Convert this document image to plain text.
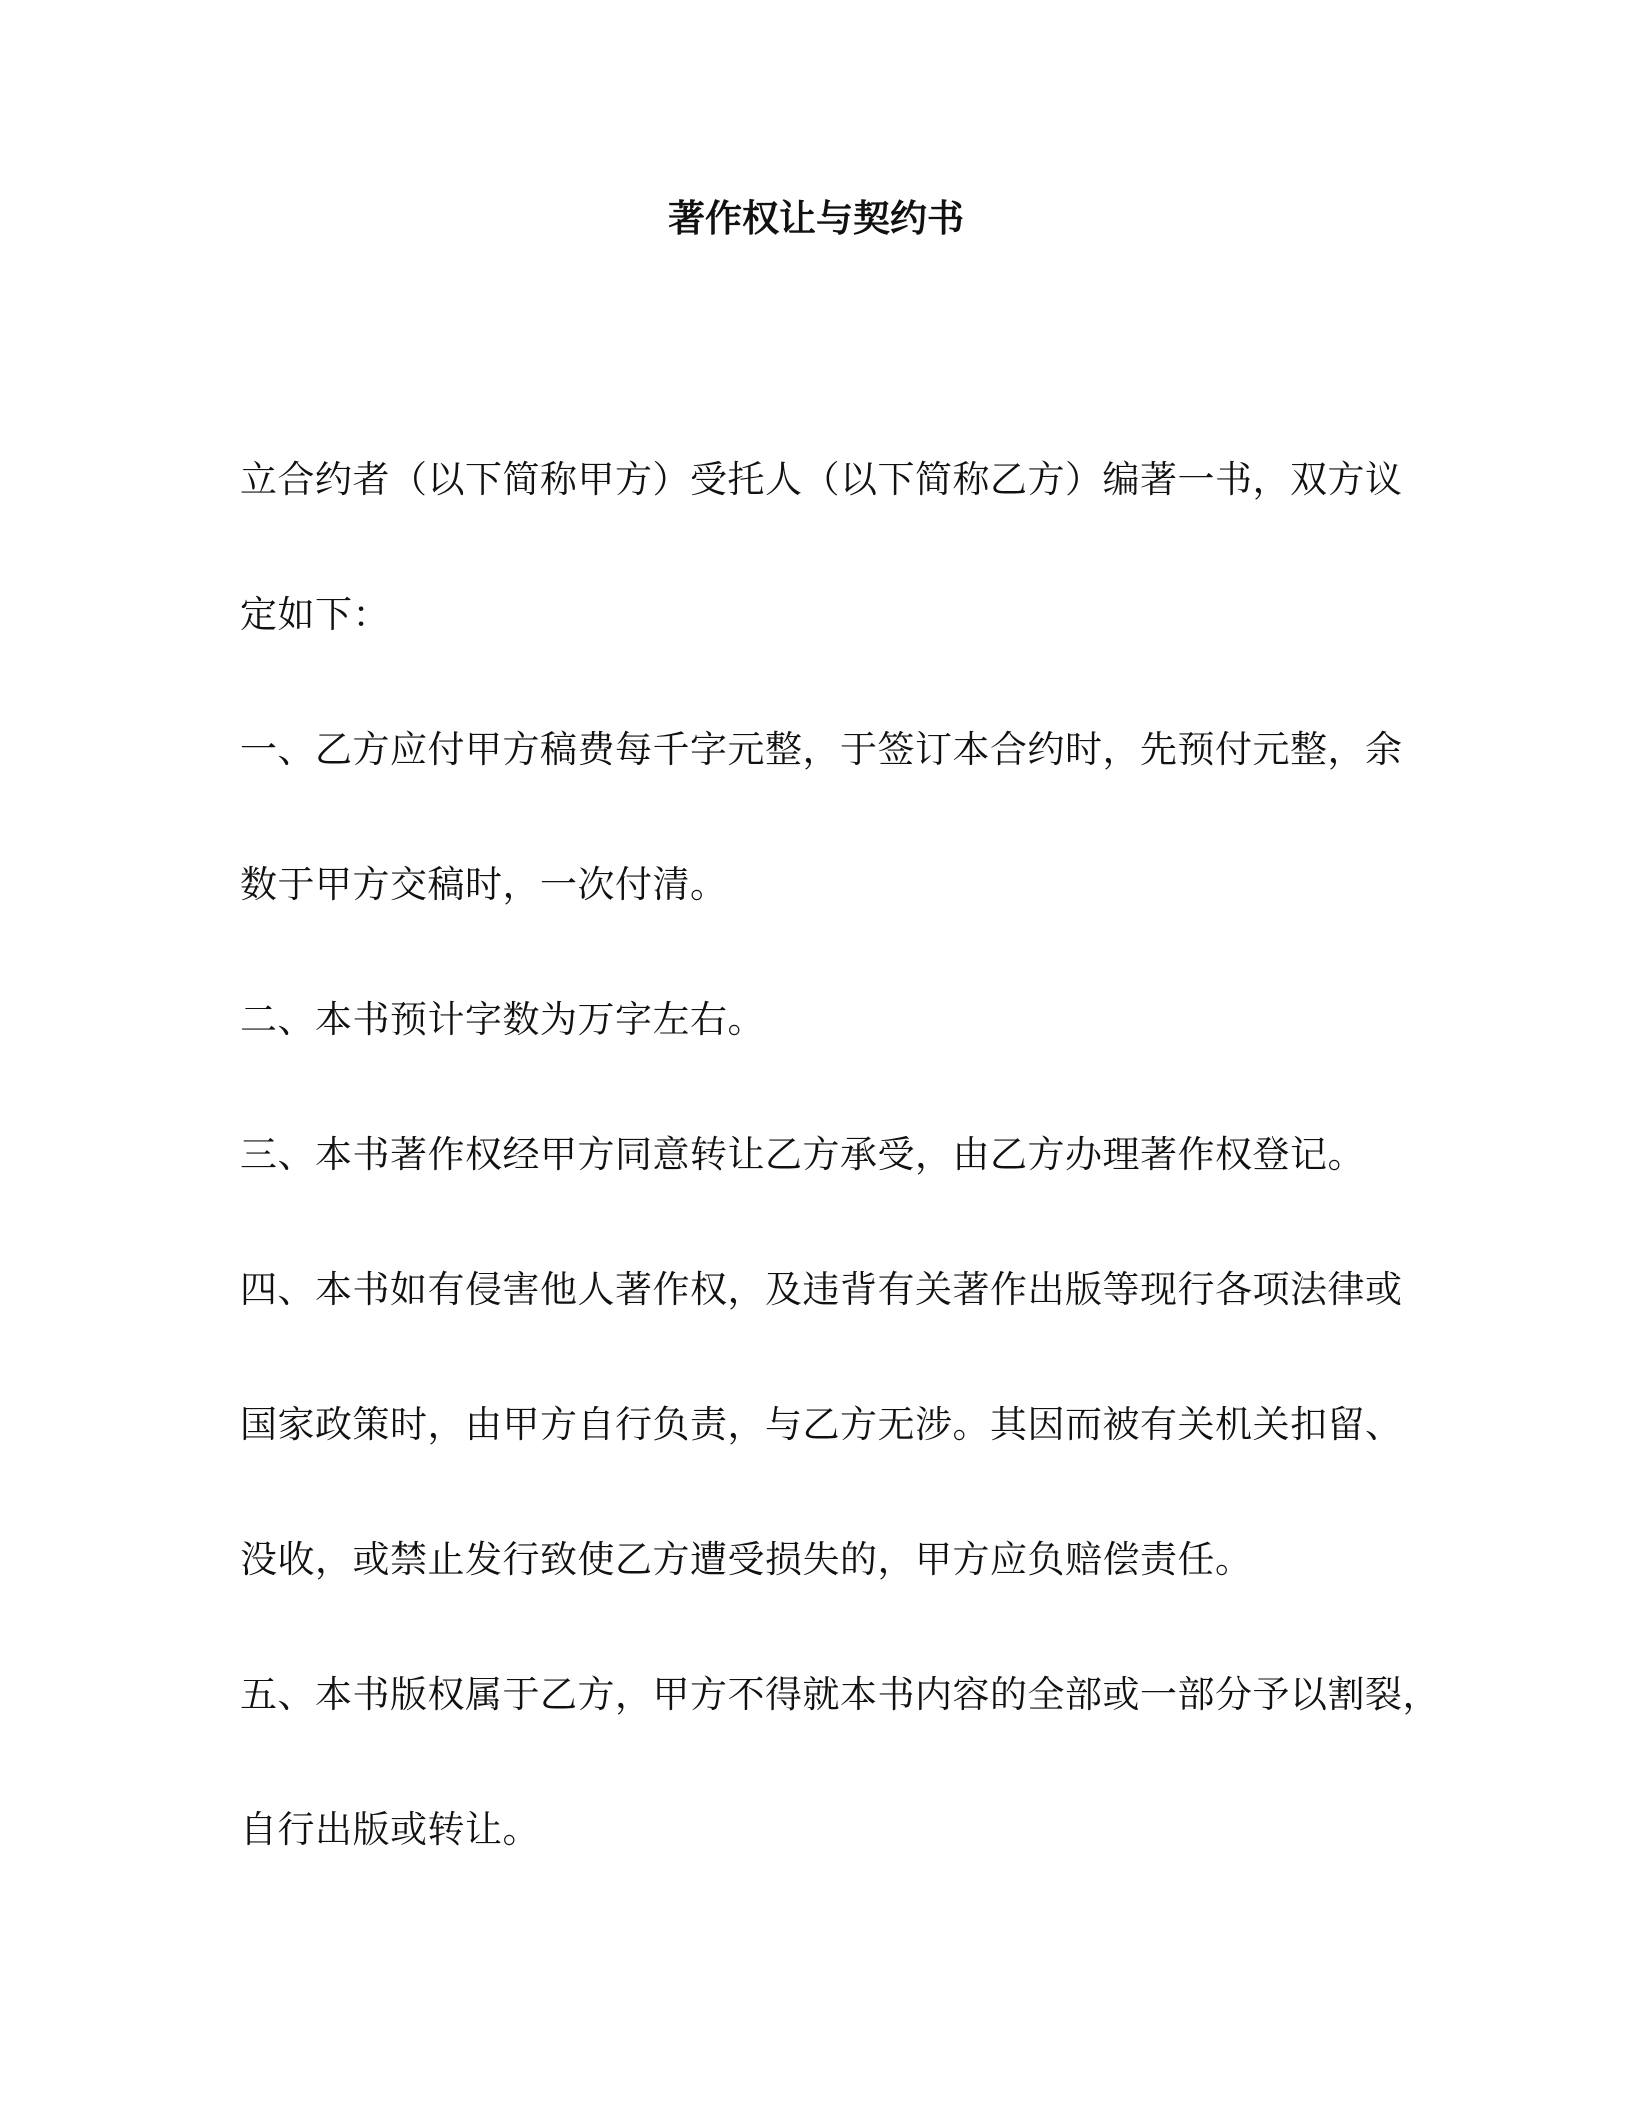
著作权让与契约书
立合约者（以下简称甲方）受托人（以下简称乙方）编著一书，双方议
定如下：
一、乙方应付甲方稿费每千字元整，于签订本合约时，先预付元整，余
数于甲方交稿时，一次付清。
二、本书预计字数为万字左右。
三、本书著作权经甲方同意转让乙方承受，由乙方办理著作权登记。
四、本书如有侵害他人著作权，及违背有关著作出版等现行各项法律或
国家政策时，由甲方自行负责，与乙方无涉。其因而被有关机关扣留、
没收，或禁止发行致使乙方遭受损失的，甲方应负赔偿责任。
五、本书版权属于乙方，甲方不得就本书内容的全部或一部分予以割裂，
自行出版或转让。
